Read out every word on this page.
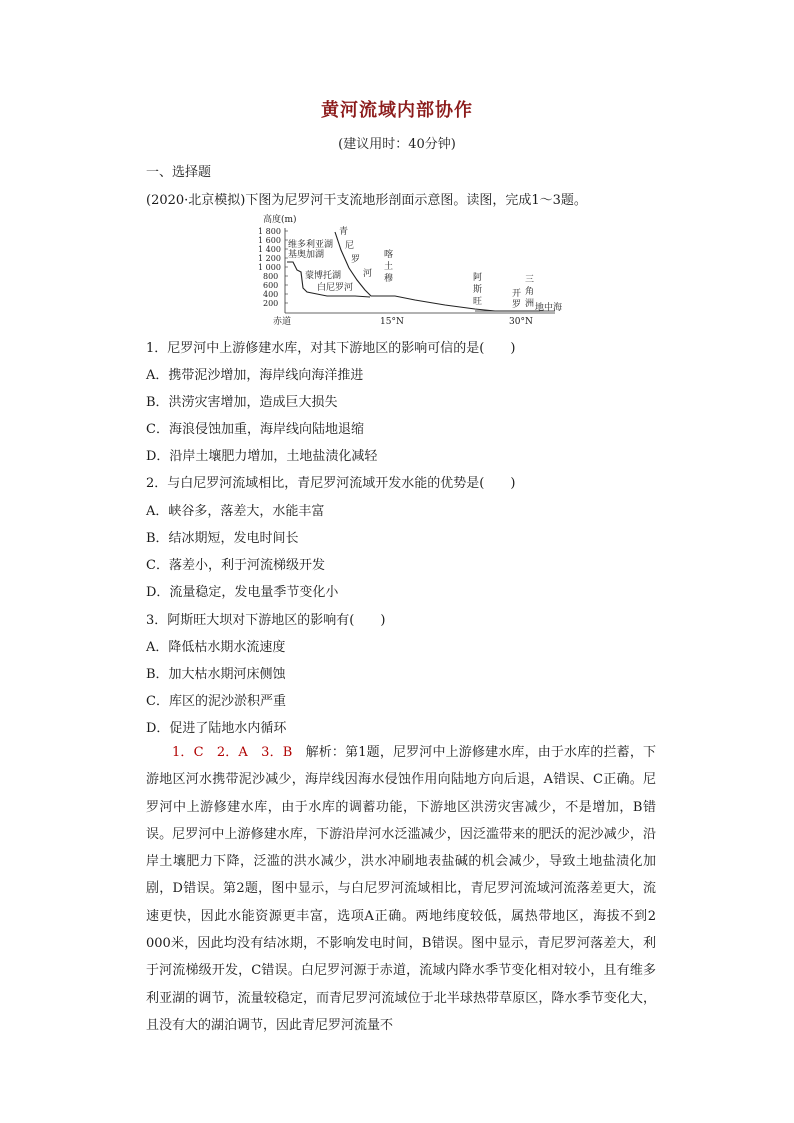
黄河流域内部协作
(建议用时：40分钟)
一、选择题
(2020·北京模拟)下图为尼罗河干支流地形剖面示意图。读图，完成1～3题。
高度(m)
1 800
1 600
1 400
1 200
1 000
800
600
400
200
维多利亚湖
基奥加湖
蒙博托湖
白尼罗河
青
尼
罗
河
喀
土
穆	阿
斯
旺
开
罗
三
角
洲 地中海
赤道	15°N	30°N
1．尼罗河中上游修建水库，对其下游地区的影响可信的是(　　)
A．携带泥沙增加，海岸线向海洋推进
B．洪涝灾害增加，造成巨大损失
C．海浪侵蚀加重，海岸线向陆地退缩
D．沿岸土壤肥力增加，土地盐渍化减轻
2．与白尼罗河流域相比，青尼罗河流域开发水能的优势是(　　)
A．峡谷多，落差大，水能丰富
B．结冰期短，发电时间长
C．落差小，利于河流梯级开发
D．流量稳定，发电量季节变化小
3．阿斯旺大坝对下游地区的影响有(　　)
A．降低枯水期水流速度
B．加大枯水期河床侧蚀
C．库区的泥沙淤积严重
D．促进了陆地水内循环
1．C　2．A　3．B　 解析：第1题，尼罗河中上游修建水库，由于水库的拦蓄，下游地区河水携带泥沙减少，海岸线因海水侵蚀作用向陆地方向后退，A错误、C正确。尼罗河中上游修建水库，由于水库的调蓄功能，下游地区洪涝灾害减少，不是增加，B错误。尼罗河中上游修建水库，下游沿岸河水泛滥减少，因泛滥带来的肥沃的泥沙减少，沿岸土壤肥力下降，泛滥的洪水减少，洪水冲刷地表盐碱的机会减少，导致土地盐渍化加剧，D错误。第2题，图中显示，与白尼罗河流域相比，青尼罗河流域河流落差更大，流速更快，因此水能资源更丰富，选项A正确。两地纬度较低，属热带地区，海拔不到2 000米，因此均没有结冰期，不影响发电时间，B错误。图中显示，青尼罗河落差大，利于河流梯级开发，C错误。白尼罗河源于赤道，流域内降水季节变化相对较小，且有维多利亚湖的调节，流量较稳定，而青尼罗河流域位于北半球热带草原区，降水季节变化大，且没有大的湖泊调节，因此青尼罗河流量不
